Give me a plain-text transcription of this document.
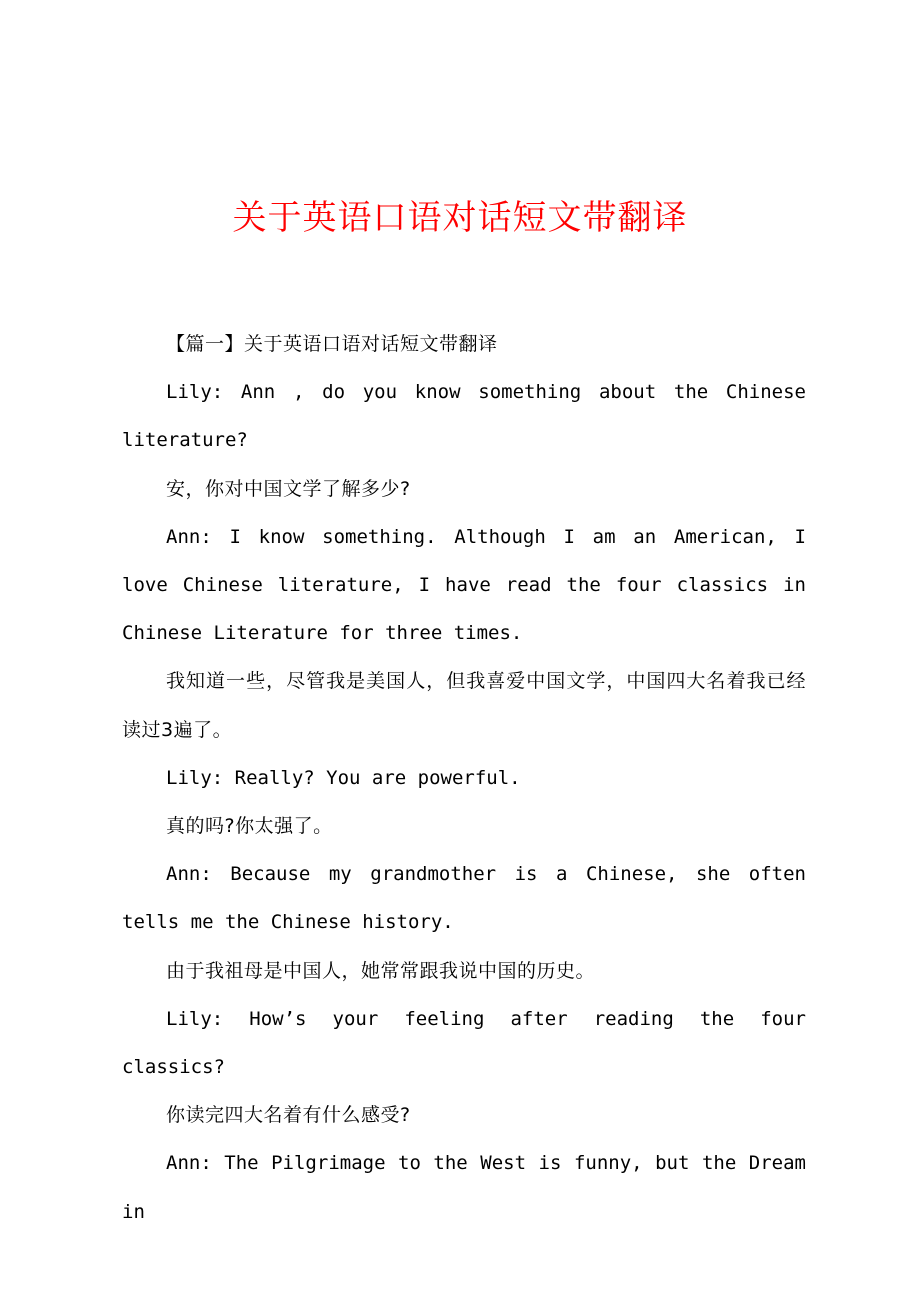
关于英语口语对话短文带翻译

【篇一】关于英语口语对话短文带翻译

Lily: Ann , do you know something about the Chinese literature?

安，你对中国文学了解多少?

Ann: I know something. Although I am an American, I love Chinese literature, I have read the four classics in Chinese Literature for three times.

我知道一些，尽管我是美国人，但我喜爱中国文学，中国四大名着我已经读过3遍了。

Lily: Really? You are powerful.

真的吗?你太强了。

Ann: Because my grandmother is a Chinese, she often tells me the Chinese history.

由于我祖母是中国人，她常常跟我说中国的历史。

Lily: How’s your feeling after reading the four classics?

你读完四大名着有什么感受?

Ann: The Pilgrimage to the West is funny, but the Dream in
